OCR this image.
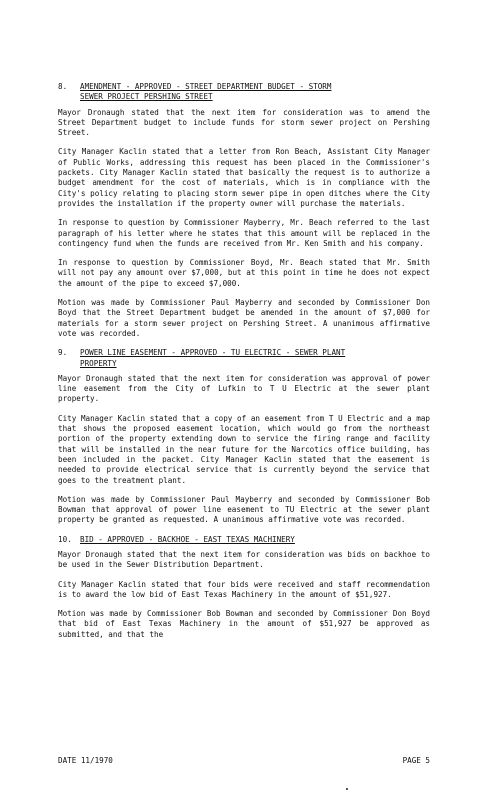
8. AMENDMENT - APPROVED - STREET DEPARTMENT BUDGET - STORM
SEWER PROJECT PERSHING STREET

Mayor Dronaugh stated that the next item for consideration was to amend the Street Department budget to include funds for storm sewer project on Pershing Street.

City Manager Kaclin stated that a letter from Ron Beach, Assistant City Manager of Public Works, addressing this request has been placed in the Commissioner's packets. City Manager Kaclin stated that basically the request is to authorize a budget amendment for the cost of materials, which is in compliance with the City's policy relating to placing storm sewer pipe in open ditches where the City provides the installation if the property owner will purchase the materials.

In response to question by Commissioner Mayberry, Mr. Beach referred to the last paragraph of his letter where he states that this amount will be replaced in the contingency fund when the funds are received from Mr. Ken Smith and his company.

In response to question by Commissioner Boyd, Mr. Beach stated that Mr. Smith will not pay any amount over $7,000, but at this point in time he does not expect the amount of the pipe to exceed $7,000.

Motion was made by Commissioner Paul Mayberry and seconded by Commissioner Don Boyd that the Street Department budget be amended in the amount of $7,000 for materials for a storm sewer project on Pershing Street. A unanimous affirmative vote was recorded.

9. POWER LINE EASEMENT - APPROVED - TU ELECTRIC - SEWER PLANT
PROPERTY

Mayor Dronaugh stated that the next item for consideration was approval of power line easement from the City of Lufkin to T U Electric at the sewer plant property.

City Manager Kaclin stated that a copy of an easement from T U Electric and a map that shows the proposed easement location, which would go from the northeast portion of the property extending down to service the firing range and facility that will be installed in the near future for the Narcotics office building, has been included in the packet. City Manager Kaclin stated that the easement is needed to provide electrical service that is currently beyond the service that goes to the treatment plant.

Motion was made by Commissioner Paul Mayberry and seconded by Commissioner Bob Bowman that approval of power line easement to TU Electric at the sewer plant property be granted as requested. A unanimous affirmative vote was recorded.

10. BID - APPROVED - BACKHOE - EAST TEXAS MACHINERY

Mayor Dronaugh stated that the next item for consideration was bids on backhoe to be used in the Sewer Distribution Department.

City Manager Kaclin stated that four bids were received and staff recommendation is to award the low bid of East Texas Machinery in the amount of $51,927.

Motion was made by Commissioner Bob Bowman and seconded by Commissioner Don Boyd that bid of East Texas Machinery in the amount of $51,927 be approved as submitted, and that the

DATE 11/1970	PAGE 5
